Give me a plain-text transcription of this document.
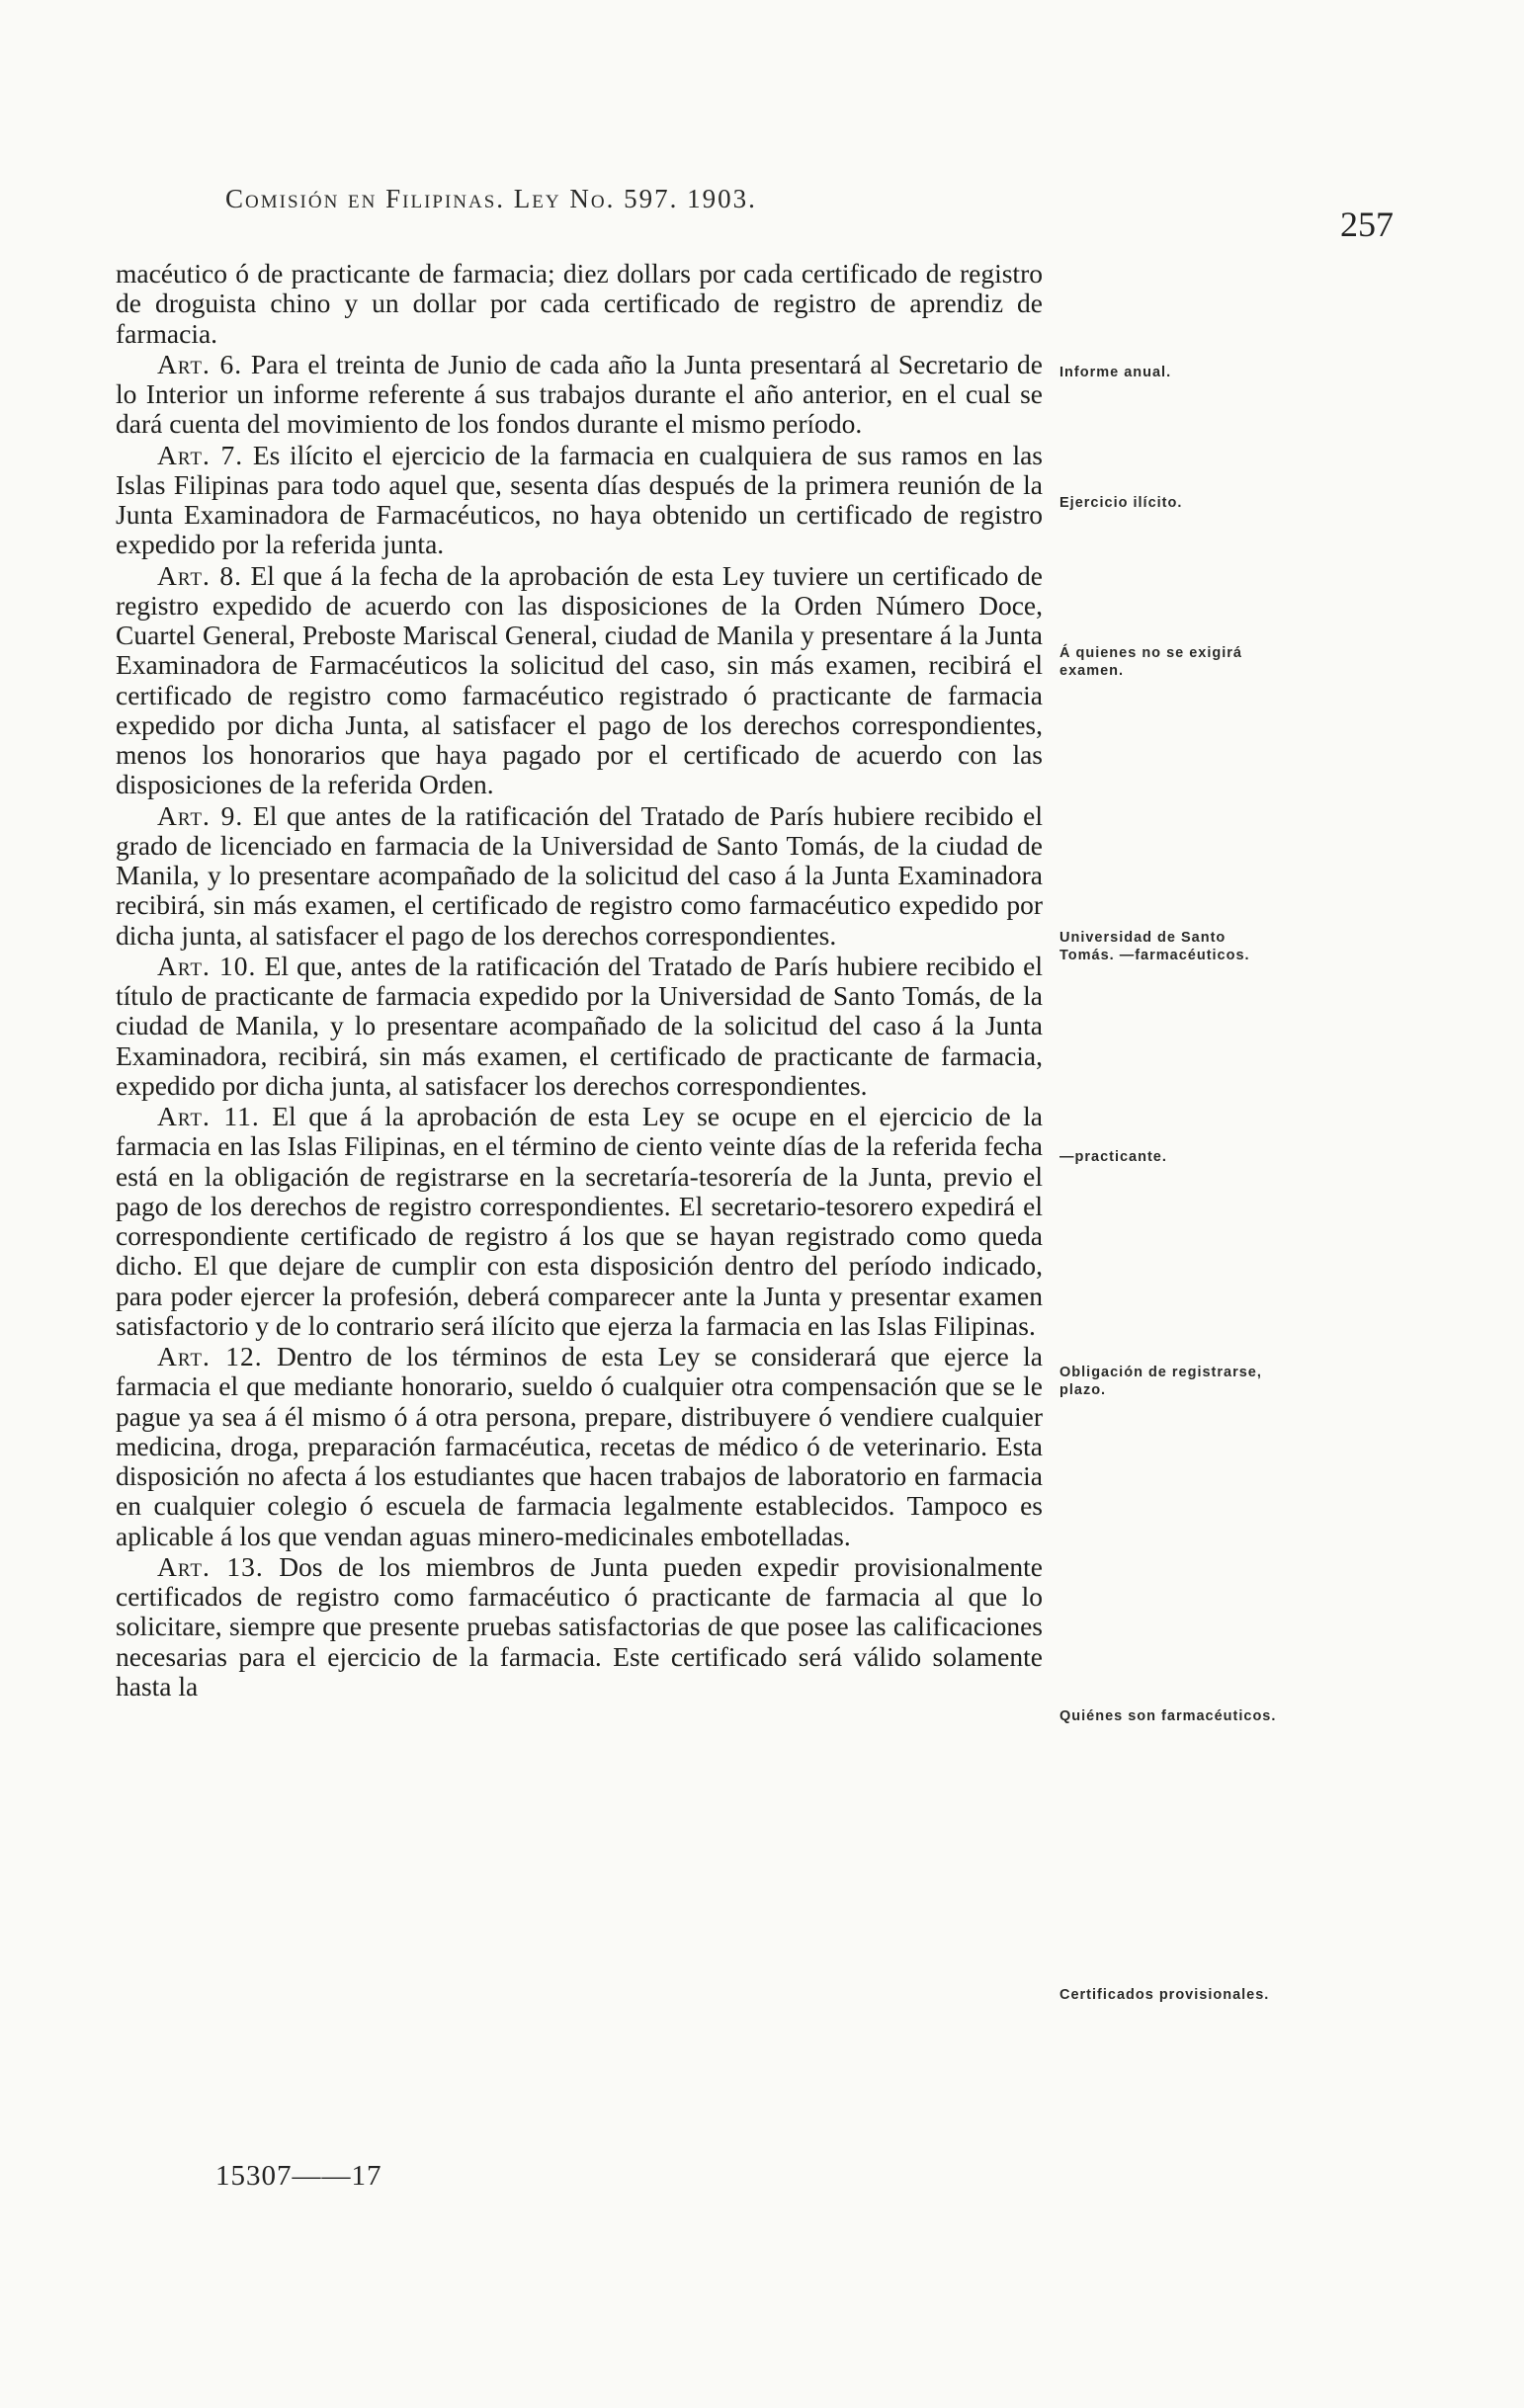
Comisión en Filipinas. Ley No. 597. 1903.
257

macéutico ó de practicante de farmacia; diez dollars por cada certificado de registro de droguista chino y un dollar por cada certificado de registro de aprendiz de farmacia.

Art. 6. Para el treinta de Junio de cada año la Junta presentará al Secretario de lo Interior un informe referente á sus trabajos durante el año anterior, en el cual se dará cuenta del movimiento de los fondos durante el mismo período.

Art. 7. Es ilícito el ejercicio de la farmacia en cualquiera de sus ramos en las Islas Filipinas para todo aquel que, sesenta días después de la primera reunión de la Junta Examinadora de Farmacéuticos, no haya obtenido un certificado de registro expedido por la referida junta.

Art. 8. El que á la fecha de la aprobación de esta Ley tuviere un certificado de registro expedido de acuerdo con las disposiciones de la Orden Número Doce, Cuartel General, Preboste Mariscal General, ciudad de Manila y presentare á la Junta Examinadora de Farmacéuticos la solicitud del caso, sin más examen, recibirá el certificado de registro como farmacéutico registrado ó practicante de farmacia expedido por dicha Junta, al satisfacer el pago de los derechos correspondientes, menos los honorarios que haya pagado por el certificado de acuerdo con las disposiciones de la referida Orden.

Art. 9. El que antes de la ratificación del Tratado de París hubiere recibido el grado de licenciado en farmacia de la Universidad de Santo Tomás, de la ciudad de Manila, y lo presentare acompañado de la solicitud del caso á la Junta Examinadora recibirá, sin más examen, el certificado de registro como farmacéutico expedido por dicha junta, al satisfacer el pago de los derechos correspondientes.

Art. 10. El que, antes de la ratificación del Tratado de París hubiere recibido el título de practicante de farmacia expedido por la Universidad de Santo Tomás, de la ciudad de Manila, y lo presentare acompañado de la solicitud del caso á la Junta Examinadora, recibirá, sin más examen, el certificado de practicante de farmacia, expedido por dicha junta, al satisfacer los derechos correspondientes.

Art. 11. El que á la aprobación de esta Ley se ocupe en el ejercicio de la farmacia en las Islas Filipinas, en el término de ciento veinte días de la referida fecha está en la obligación de registrarse en la secretaría-tesorería de la Junta, previo el pago de los derechos de registro correspondientes. El secretario-tesorero expedirá el correspondiente certificado de registro á los que se hayan registrado como queda dicho. El que dejare de cumplir con esta disposición dentro del período indicado, para poder ejercer la profesión, deberá comparecer ante la Junta y presentar examen satisfactorio y de lo contrario será ilícito que ejerza la farmacia en las Islas Filipinas.

Art. 12. Dentro de los términos de esta Ley se considerará que ejerce la farmacia el que mediante honorario, sueldo ó cualquier otra compensación que se le pague ya sea á él mismo ó á otra persona, prepare, distribuyere ó vendiere cualquier medicina, droga, preparación farmacéutica, recetas de médico ó de veterinario. Esta disposición no afecta á los estudiantes que hacen trabajos de laboratorio en farmacia en cualquier colegio ó escuela de farmacia legalmente establecidos. Tampoco es aplicable á los que vendan aguas minero-medicinales embotelladas.

Art. 13. Dos de los miembros de Junta pueden expedir provisionalmente certificados de registro como farmacéutico ó practicante de farmacia al que lo solicitare, siempre que presente pruebas satisfactorias de que posee las calificaciones necesarias para el ejercicio de la farmacia. Este certificado será válido solamente hasta la

Informe anual.
Ejercicio ilícito.
Á quienes no se exigirá examen.
Universidad de Santo Tomás. —farmacéuticos.
—practicante.
Obligación de registrarse, plazo.
Quiénes son farmacéuticos.
Certificados provisionales.
15307——17
